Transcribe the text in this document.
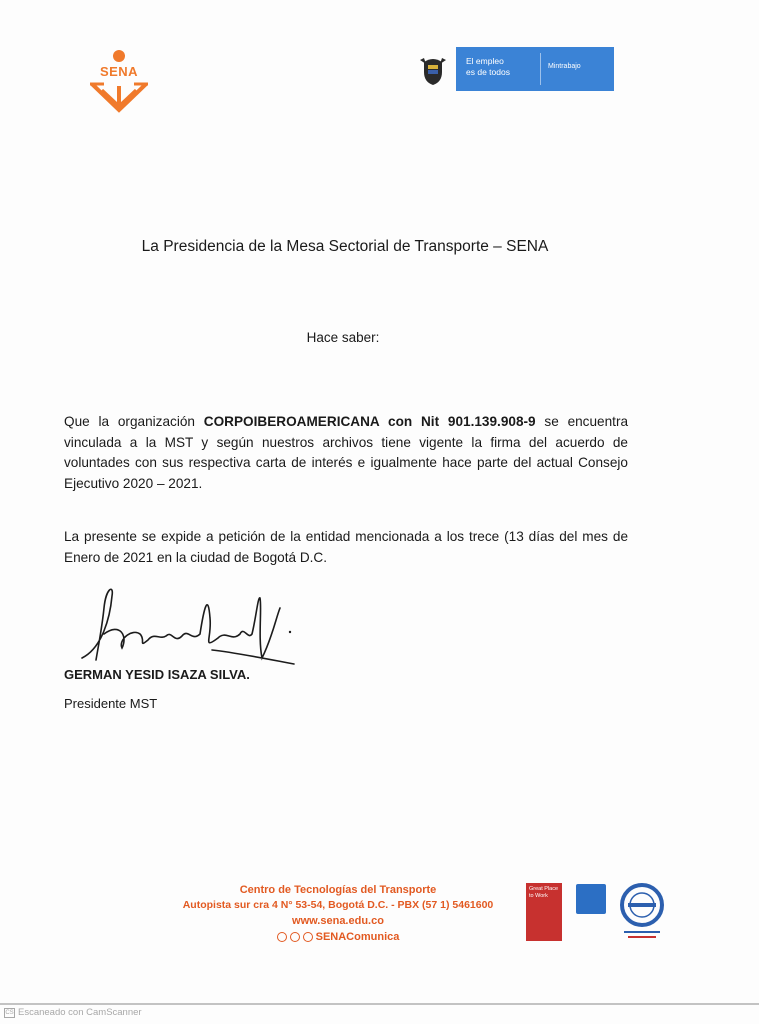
SENA
El empleo
es de todos
Mintrabajo
La Presidencia de la Mesa Sectorial de Transporte – SENA
Hace saber:

Que la organización CORPOIBEROAMERICANA con Nit 901.139.908-9 se encuentra vinculada a la MST y según nuestros archivos tiene vigente la firma del acuerdo de voluntades con sus respectiva carta de interés e igualmente hace parte del actual Consejo Ejecutivo 2020 – 2021.

La presente se expide a petición de la entidad mencionada a los trece (13 días del mes de Enero de 2021 en la ciudad de Bogotá D.C.

GERMAN YESID ISAZA SILVA.
Presidente MST
Centro de Tecnologías del Transporte
Autopista sur cra 4 N° 53-54, Bogotá D.C. - PBX (57 1) 5461600
www.sena.edu.co
SENAComunica
Great Place to Work
CS Escaneado con CamScanner
